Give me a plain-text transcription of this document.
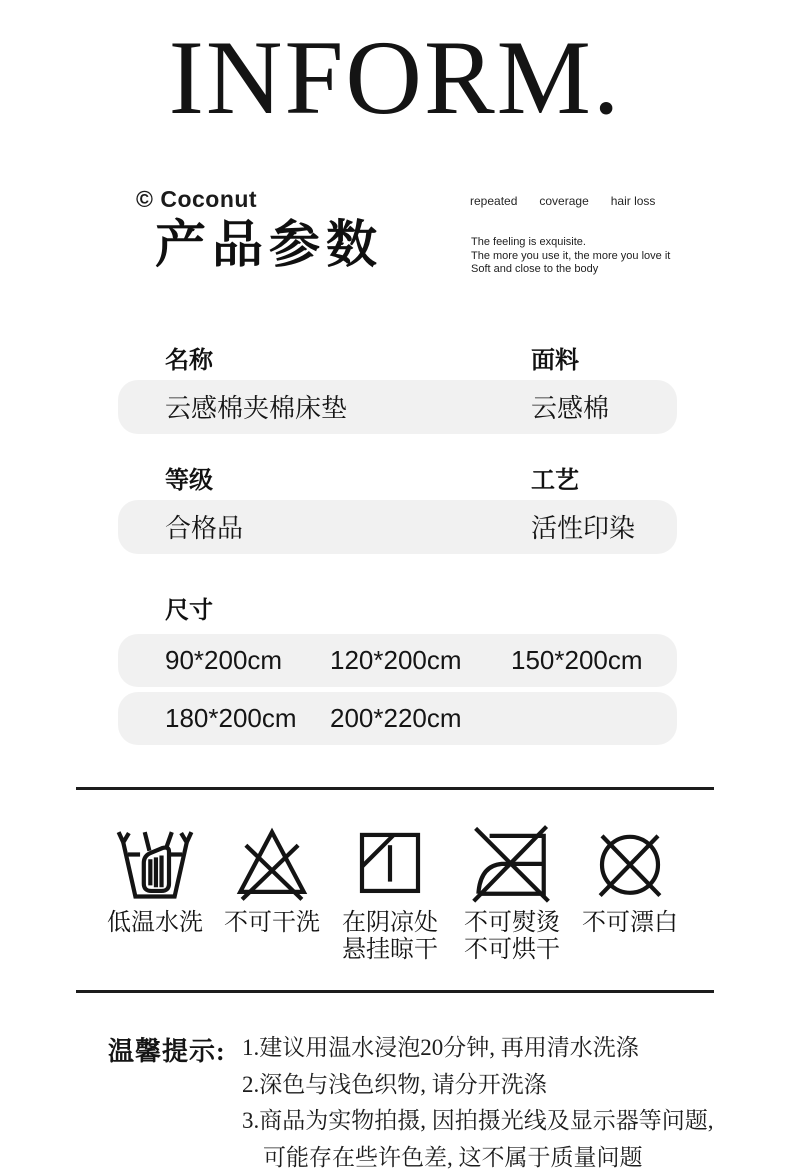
INFORM.
© Coconut
产品参数
repeated coverage hair loss
The feeling is exquisite.
The more you use it, the more you love it
Soft and close to the body
名称	面料
云感棉夹棉床垫	云感棉
等级	工艺
合格品	活性印染
尺寸
90*200cm 120*200cm 150*200cm
180*200cm 200*220cm
低温水洗 不可干洗 在阴凉处
悬挂晾干
不可熨烫
不可烘干
不可漂白
温馨提示: 1.建议用温水浸泡20分钟, 再用清水洗涤
2.深色与浅色织物, 请分开洗涤
3.商品为实物拍摄, 因拍摄光线及显示器等问题,
可能存在些许色差, 这不属于质量问题
